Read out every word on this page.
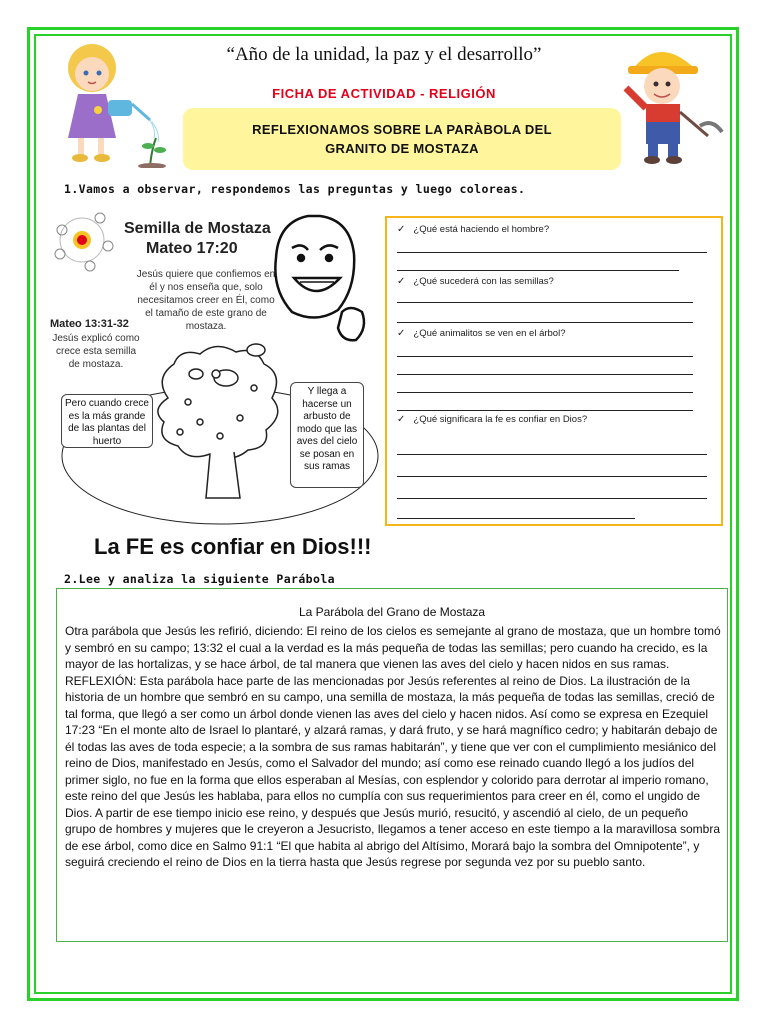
“Año de la unidad, la paz y el desarrollo”
FICHA DE ACTIVIDAD - RELIGIÓN
REFLEXIONAMOS SOBRE LA PARÀBOLA DEL
GRANITO DE MOSTAZA
1.Vamos a observar, respondemos las preguntas y luego coloreas.
Semilla de Mostaza
Mateo 17:20
Jesús quiere que confiemos en él y nos enseña que, solo necesitamos creer en Él, como el tamaño de este grano de mostaza.
Mateo 13:31-32
Jesús explicó como crece esta semilla de mostaza.
Pero cuando crece es la más grande de las plantas del huerto
Y llega a hacerse un arbusto de modo que las aves del cielo se posan en sus ramas
✓ ¿Qué está haciendo el hombre?
✓ ¿Qué sucederá con las semillas?
✓ ¿Qué animalitos se ven en el árbol?
✓ ¿Qué significara la fe es confiar en Dios?
La FE es confiar en Dios!!!
2.Lee y analiza la siguiente Parábola
La Parábola del Grano de Mostaza

Otra parábola que Jesús les refirió, diciendo: El reino de los cielos es semejante al grano de mostaza, que un hombre tomó y sembró en su campo; 13:32 el cual a la verdad es la más pequeña de todas las semillas; pero cuando ha crecido, es la mayor de las hortalizas, y se hace árbol, de tal manera que vienen las aves del cielo y hacen nidos en sus ramas.

REFLEXIÓN: Esta parábola hace parte de las mencionadas por Jesús referentes al reino de Dios. La ilustración de la historia de un hombre que sembró en su campo, una semilla de mostaza, la más pequeña de todas las semillas, creció de tal forma, que llegó a ser como un árbol donde vienen las aves del cielo y hacen nidos. Así como se expresa en Ezequiel 17:23 “En el monte alto de Israel lo plantaré, y alzará ramas, y dará fruto, y se hará magnífico cedro; y habitarán debajo de él todas las aves de toda especie; a la sombra de sus ramas habitarán”, y tiene que ver con el cumplimiento mesiánico del reino de Dios, manifestado en Jesús, como el Salvador del mundo; así como ese reinado cuando llegó a los judíos del primer siglo, no fue en la forma que ellos esperaban al Mesías, con esplendor y colorido para derrotar al imperio romano, este reino del que Jesús les hablaba, para ellos no cumplía con sus requerimientos para creer en él, como el ungido de Dios. A partir de ese tiempo inicio ese reino, y después que Jesús murió, resucitó, y ascendió al cielo, de un pequeño grupo de hombres y mujeres que le creyeron a Jesucristo, llegamos a tener acceso en este tiempo a la maravillosa sombra de ese árbol, como dice en Salmo 91:1 “El que habita al abrigo del Altísimo, Morará bajo la sombra del Omnipotente”, y seguirá creciendo el reino de Dios en la tierra hasta que Jesús regrese por segunda vez por su pueblo santo.
